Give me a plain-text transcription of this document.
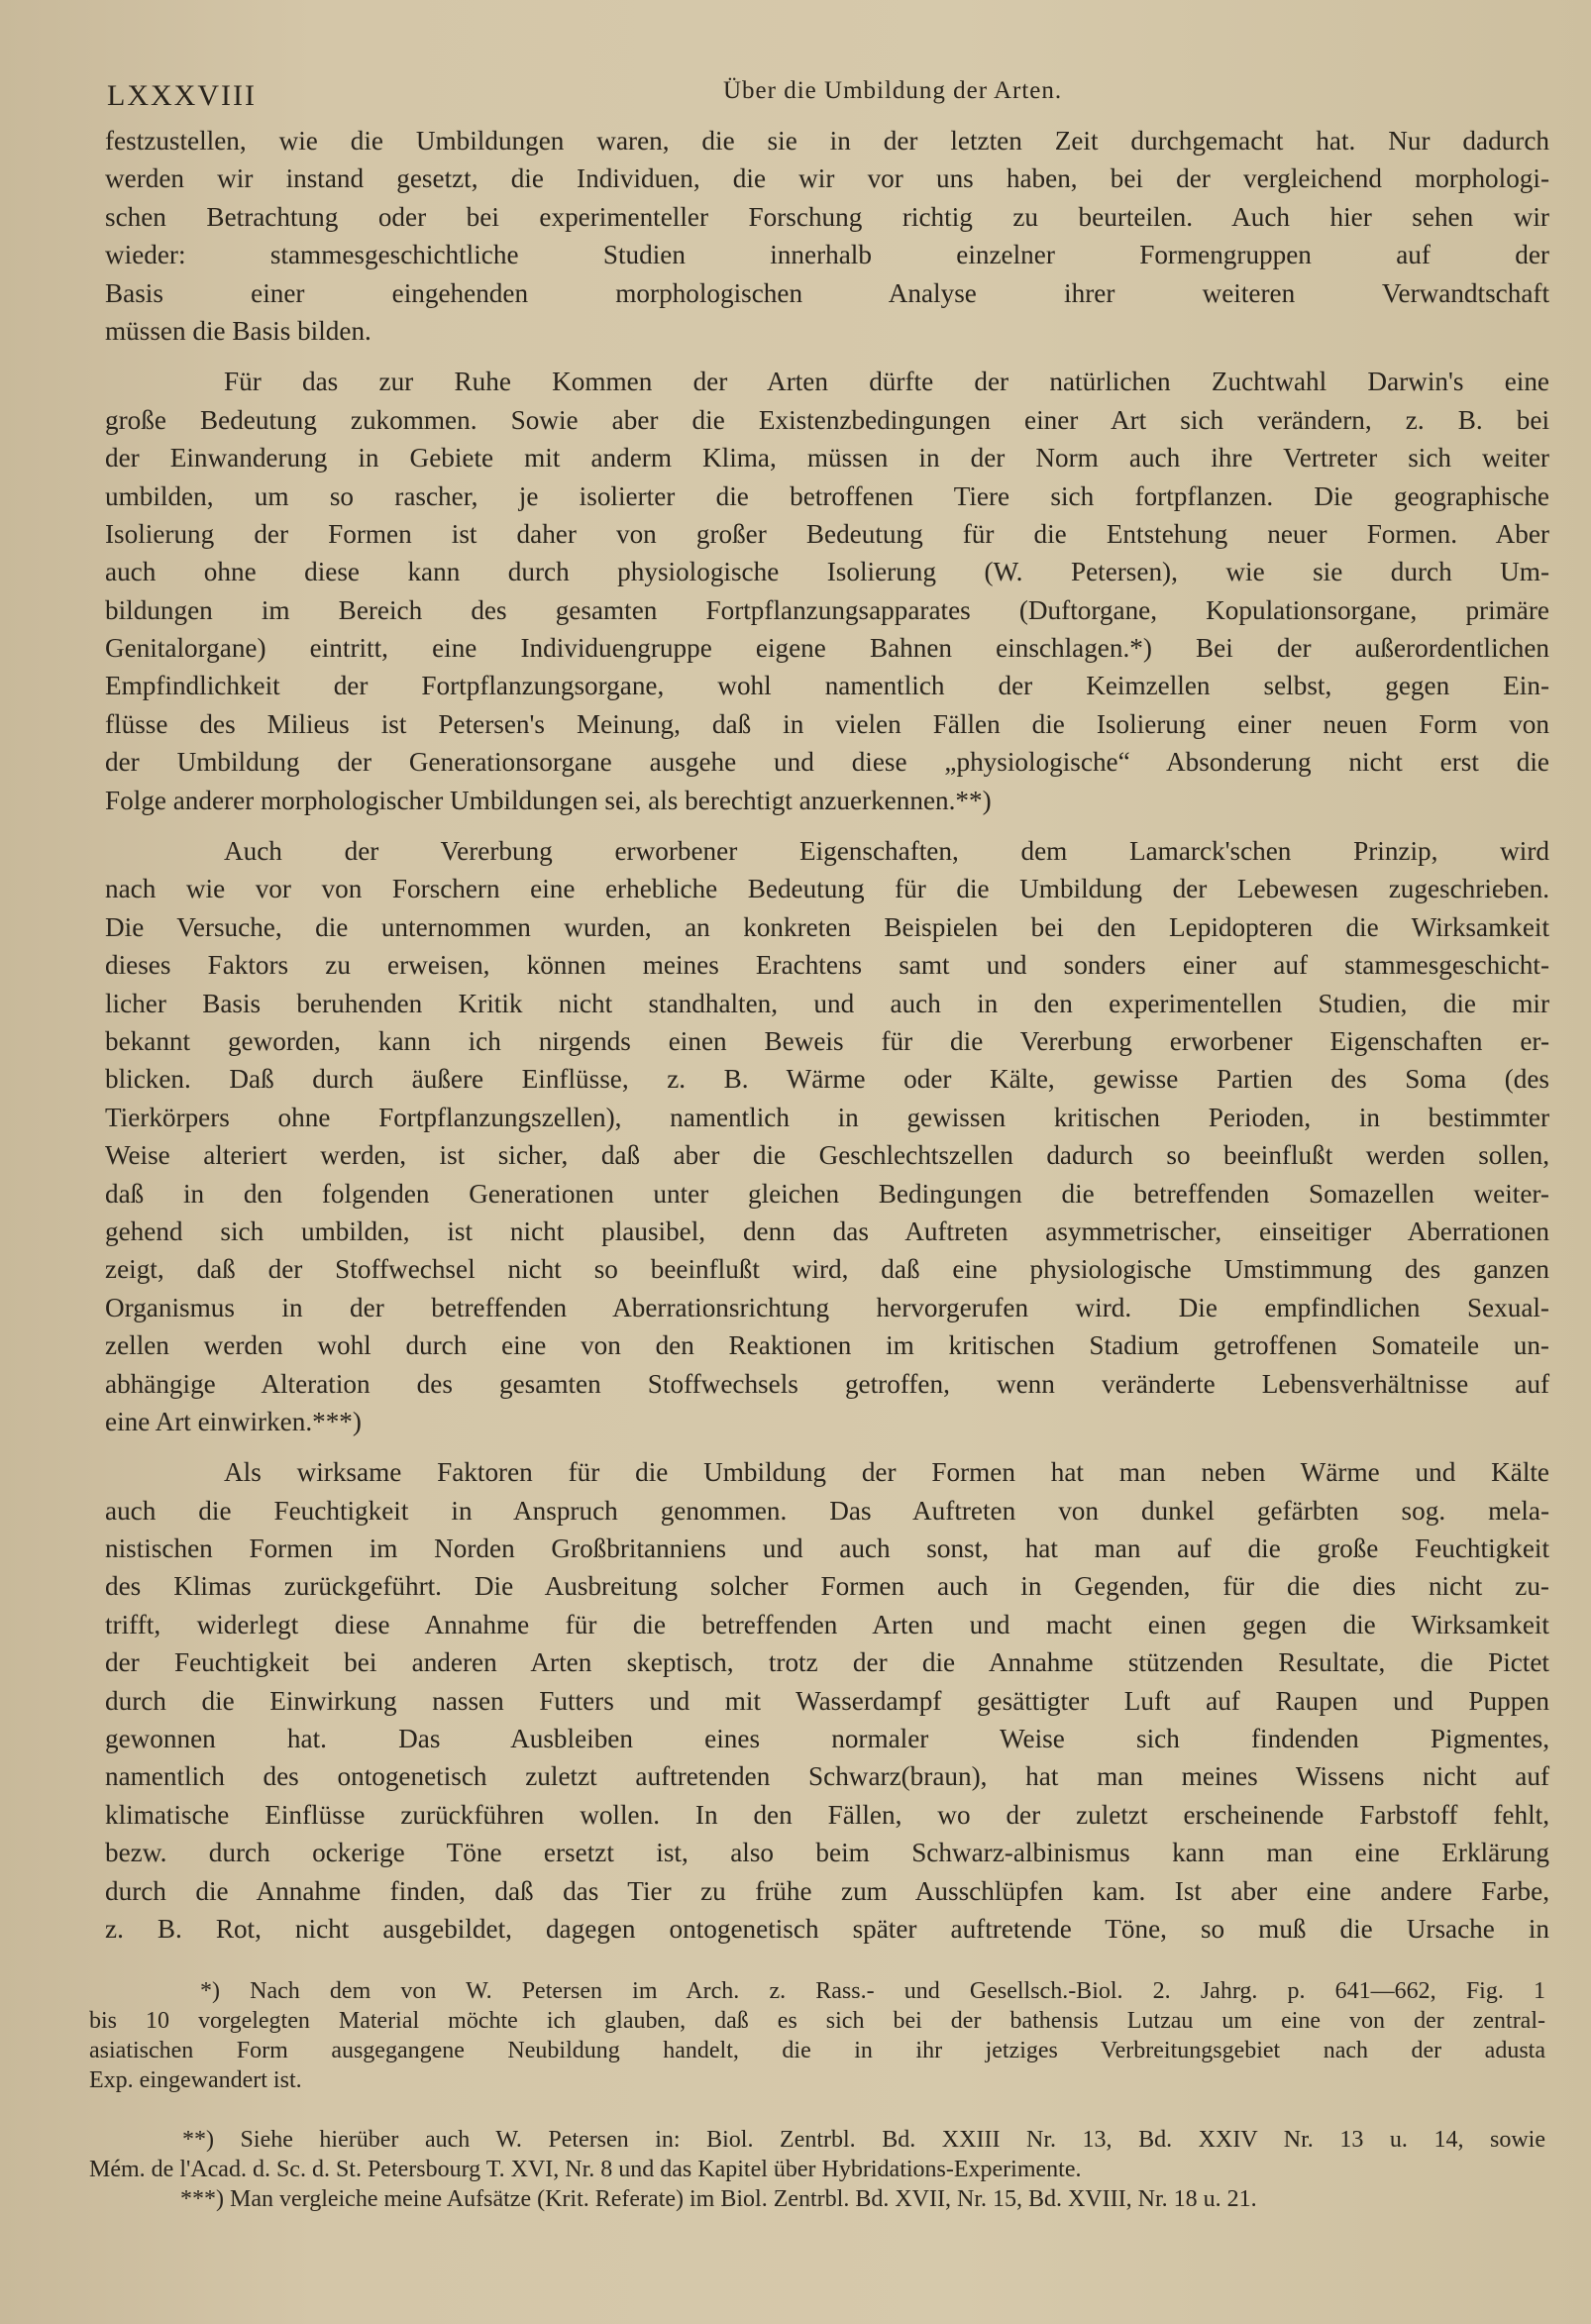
LXXXVIII	Über die Umbildung der Arten.
festzustellen, wie die Umbildungen waren, die sie in der letzten Zeit durchgemacht hat. Nur dadurch
werden wir instand gesetzt, die Individuen, die wir vor uns haben, bei der vergleichend morphologi-
schen Betrachtung oder bei experimenteller Forschung richtig zu beurteilen. Auch hier sehen wir
wieder: stammesgeschichtliche Studien innerhalb einzelner Formengruppen auf der
Basis einer eingehenden morphologischen Analyse ihrer weiteren Verwandtschaft
müssen die Basis bilden.
Für das zur Ruhe Kommen der Arten dürfte der natürlichen Zuchtwahl Darwin's eine
große Bedeutung zukommen. Sowie aber die Existenzbedingungen einer Art sich verändern, z. B. bei
der Einwanderung in Gebiete mit anderm Klima, müssen in der Norm auch ihre Vertreter sich weiter
umbilden, um so rascher, je isolierter die betroffenen Tiere sich fortpflanzen. Die geographische
Isolierung der Formen ist daher von großer Bedeutung für die Entstehung neuer Formen. Aber
auch ohne diese kann durch physiologische Isolierung (W. Petersen), wie sie durch Um-
bildungen im Bereich des gesamten Fortpflanzungsapparates (Duftorgane, Kopulationsorgane, primäre
Genitalorgane) eintritt, eine Individuengruppe eigene Bahnen einschlagen.*) Bei der außerordentlichen
Empfindlichkeit der Fortpflanzungsorgane, wohl namentlich der Keimzellen selbst, gegen Ein-
flüsse des Milieus ist Petersen's Meinung, daß in vielen Fällen die Isolierung einer neuen Form von
der Umbildung der Generationsorgane ausgehe und diese „physiologische“ Absonderung nicht erst die
Folge anderer morphologischer Umbildungen sei, als berechtigt anzuerkennen.**)
Auch der Vererbung erworbener Eigenschaften, dem Lamarck'schen Prinzip, wird
nach wie vor von Forschern eine erhebliche Bedeutung für die Umbildung der Lebewesen zugeschrieben.
Die Versuche, die unternommen wurden, an konkreten Beispielen bei den Lepidopteren die Wirksamkeit
dieses Faktors zu erweisen, können meines Erachtens samt und sonders einer auf stammesgeschicht-
licher Basis beruhenden Kritik nicht standhalten, und auch in den experimentellen Studien, die mir
bekannt geworden, kann ich nirgends einen Beweis für die Vererbung erworbener Eigenschaften er-
blicken. Daß durch äußere Einflüsse, z. B. Wärme oder Kälte, gewisse Partien des Soma (des
Tierkörpers ohne Fortpflanzungszellen), namentlich in gewissen kritischen Perioden, in bestimmter
Weise alteriert werden, ist sicher, daß aber die Geschlechtszellen dadurch so beeinflußt werden sollen,
daß in den folgenden Generationen unter gleichen Bedingungen die betreffenden Somazellen weiter-
gehend sich umbilden, ist nicht plausibel, denn das Auftreten asymmetrischer, einseitiger Aberrationen
zeigt, daß der Stoffwechsel nicht so beeinflußt wird, daß eine physiologische Umstimmung des ganzen
Organismus in der betreffenden Aberrationsrichtung hervorgerufen wird. Die empfindlichen Sexual-
zellen werden wohl durch eine von den Reaktionen im kritischen Stadium getroffenen Somateile un-
abhängige Alteration des gesamten Stoffwechsels getroffen, wenn veränderte Lebensverhältnisse auf
eine Art einwirken.***)
Als wirksame Faktoren für die Umbildung der Formen hat man neben Wärme und Kälte
auch die Feuchtigkeit in Anspruch genommen. Das Auftreten von dunkel gefärbten sog. mela-
nistischen Formen im Norden Großbritanniens und auch sonst, hat man auf die große Feuchtigkeit
des Klimas zurückgeführt. Die Ausbreitung solcher Formen auch in Gegenden, für die dies nicht zu-
trifft, widerlegt diese Annahme für die betreffenden Arten und macht einen gegen die Wirksamkeit
der Feuchtigkeit bei anderen Arten skeptisch, trotz der die Annahme stützenden Resultate, die Pictet
durch die Einwirkung nassen Futters und mit Wasserdampf gesättigter Luft auf Raupen und Puppen
gewonnen hat. Das Ausbleiben eines normaler Weise sich findenden Pigmentes,
namentlich des ontogenetisch zuletzt auftretenden Schwarz(braun), hat man meines Wissens nicht auf
klimatische Einflüsse zurückführen wollen. In den Fällen, wo der zuletzt erscheinende Farbstoff fehlt,
bezw. durch ockerige Töne ersetzt ist, also beim Schwarz-albinismus kann man eine Erklärung
durch die Annahme finden, daß das Tier zu frühe zum Ausschlüpfen kam. Ist aber eine andere Farbe,
z. B. Rot, nicht ausgebildet, dagegen ontogenetisch später auftretende Töne, so muß die Ursache in
*) Nach dem von W. Petersen im Arch. z. Rass.- und Gesellsch.-Biol. 2. Jahrg. p. 641—662, Fig. 1
bis 10 vorgelegten Material möchte ich glauben, daß es sich bei der bathensis Lutzau um eine von der zentral-
asiatischen Form ausgegangene Neubildung handelt, die in ihr jetziges Verbreitungsgebiet nach der adusta
Exp. eingewandert ist.
**) Siehe hierüber auch W. Petersen in: Biol. Zentrbl. Bd. XXIII Nr. 13, Bd. XXIV Nr. 13 u. 14, sowie
Mém. de l'Acad. d. Sc. d. St. Petersbourg T. XVI, Nr. 8 und das Kapitel über Hybridations-Experimente.
***) Man vergleiche meine Aufsätze (Krit. Referate) im Biol. Zentrbl. Bd. XVII, Nr. 15, Bd. XVIII, Nr. 18 u. 21.
